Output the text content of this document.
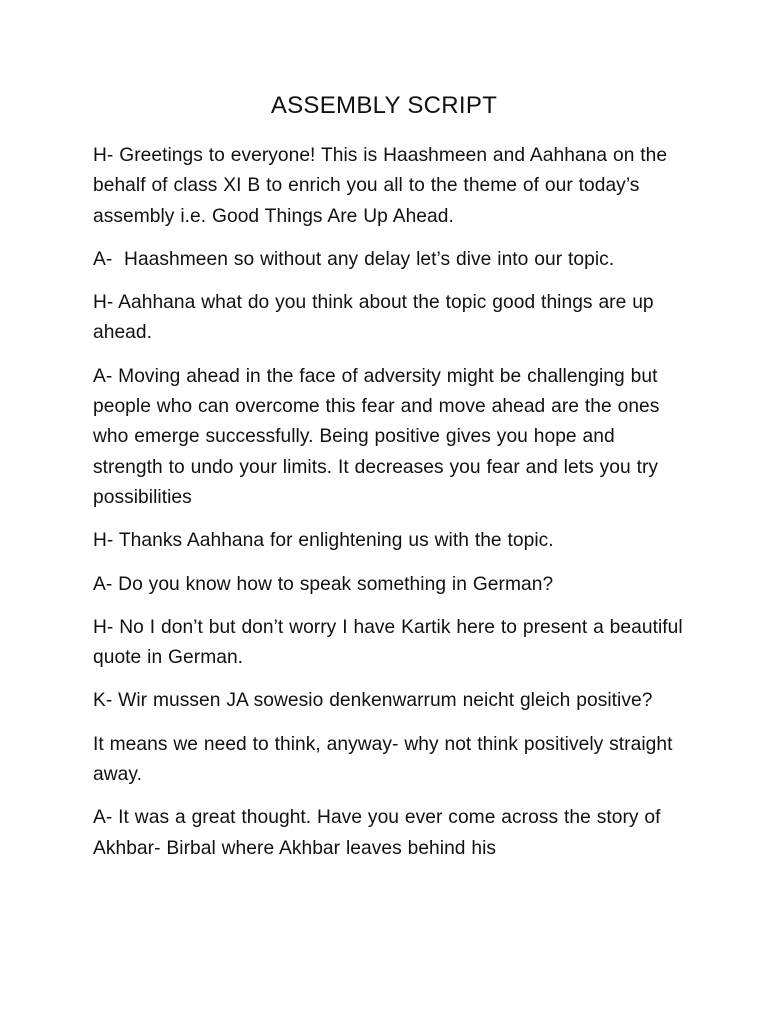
ASSEMBLY SCRIPT

H- Greetings to everyone! This is Haashmeen and Aahhana on the behalf of class XI B to enrich you all to the theme of our today’s assembly i.e. Good Things Are Up Ahead.

A-  Haashmeen so without any delay let’s dive into our topic.

H- Aahhana what do you think about the topic good things are up ahead.

A- Moving ahead in the face of adversity might be challenging but people who can overcome this fear and move ahead are the ones who emerge successfully. Being positive gives you hope and strength to undo your limits. It decreases you fear and lets you try possibilities

H- Thanks Aahhana for enlightening us with the topic.

A- Do you know how to speak something in German?

H- No I don’t but don’t worry I have Kartik here to present a beautiful quote in German.

K- Wir mussen JA sowesio denkenwarrum neicht gleich positive?

It means we need to think, anyway- why not think positively straight away.

A- It was a great thought. Have you ever come across the story of Akhbar- Birbal where Akhbar leaves behind his
